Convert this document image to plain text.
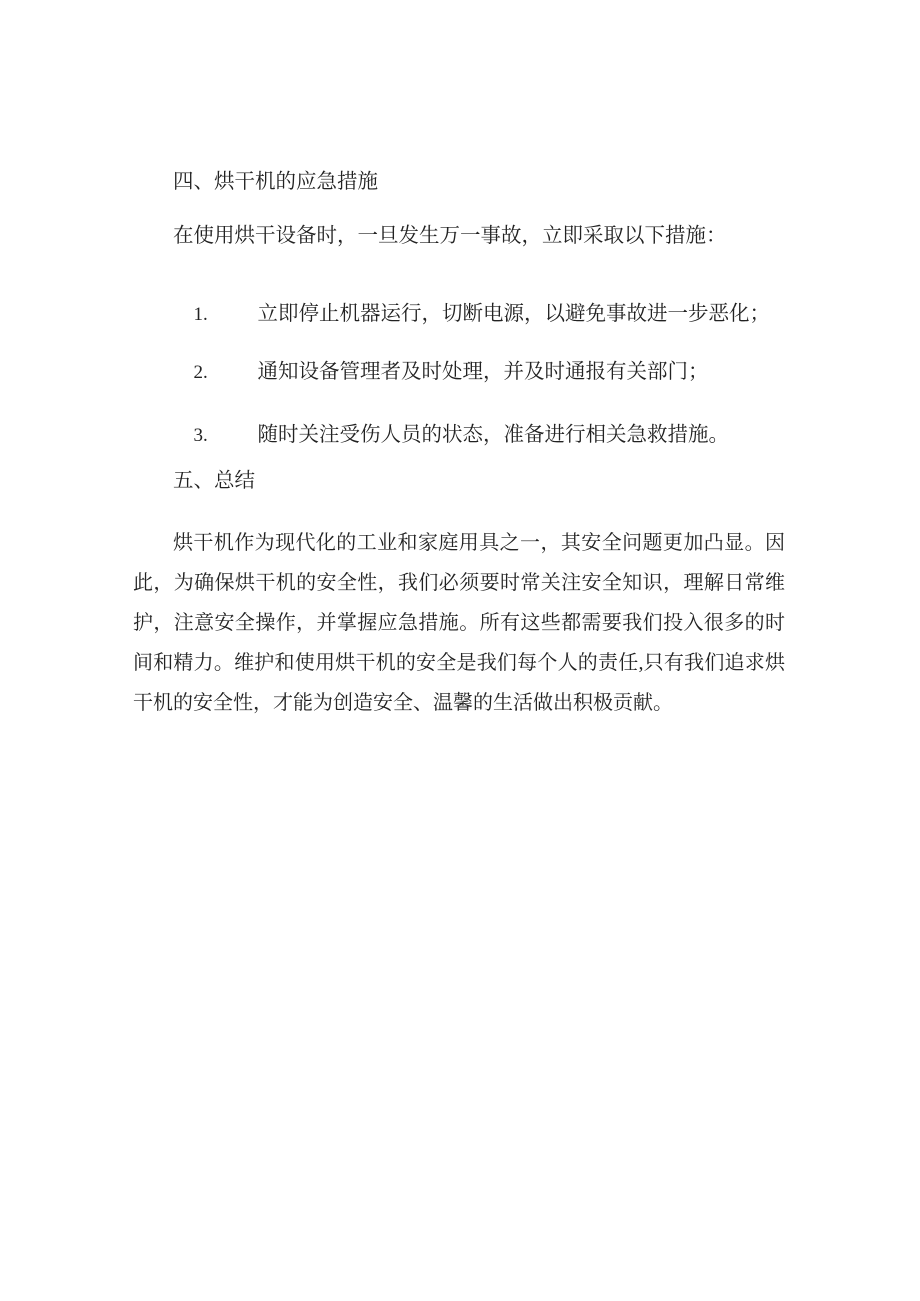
四、烘干机的应急措施
在使用烘干设备时，一旦发生万一事故，立即采取以下措施：

1. 立即停止机器运行，切断电源，以避免事故进一步恶化；

2. 通知设备管理者及时处理，并及时通报有关部门；

3. 随时关注受伤人员的状态，准备进行相关急救措施。

五、总结
烘干机作为现代化的工业和家庭用具之一，其安全问题更加凸显。因
此，为确保烘干机的安全性，我们必须要时常关注安全知识，理解日常维
护，注意安全操作，并掌握应急措施。所有这些都需要我们投入很多的时
间和精力。维护和使用烘干机的安全是我们每个人的责任,只有我们追求烘
干机的安全性，才能为创造安全、温馨的生活做出积极贡献。
